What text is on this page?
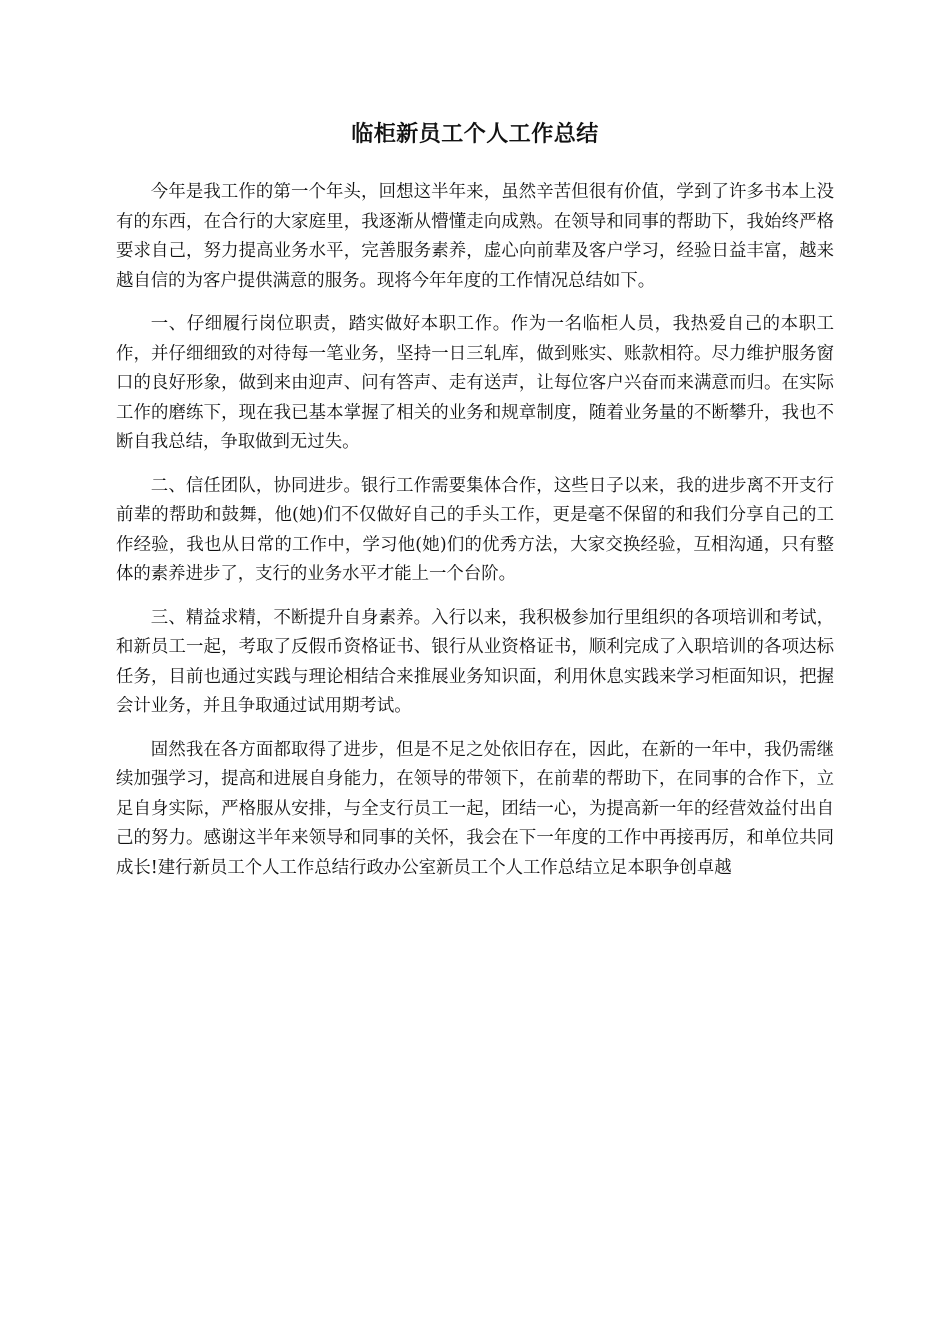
临柜新员工个人工作总结

今年是我工作的第一个年头，回想这半年来，虽然辛苦但很有价值，学到了许多书本上没有的东西，在合行的大家庭里，我逐渐从懵懂走向成熟。在领导和同事的帮助下，我始终严格要求自己，努力提高业务水平，完善服务素养，虚心向前辈及客户学习，经验日益丰富，越来越自信的为客户提供满意的服务。现将今年年度的工作情况总结如下。

一、仔细履行岗位职责，踏实做好本职工作。作为一名临柜人员，我热爱自己的本职工作，并仔细细致的对待每一笔业务，坚持一日三轧库，做到账实、账款相符。尽力维护服务窗口的良好形象，做到来由迎声、问有答声、走有送声，让每位客户兴奋而来满意而归。在实际工作的磨练下，现在我已基本掌握了相关的业务和规章制度，随着业务量的不断攀升，我也不断自我总结，争取做到无过失。

二、信任团队，协同进步。银行工作需要集体合作，这些日子以来，我的进步离不开支行前辈的帮助和鼓舞，他(她)们不仅做好自己的手头工作，更是毫不保留的和我们分享自己的工作经验，我也从日常的工作中，学习他(她)们的优秀方法，大家交换经验，互相沟通，只有整体的素养进步了，支行的业务水平才能上一个台阶。

三、精益求精，不断提升自身素养。入行以来，我积极参加行里组织的各项培训和考试，和新员工一起，考取了反假币资格证书、银行从业资格证书，顺利完成了入职培训的各项达标任务，目前也通过实践与理论相结合来推展业务知识面，利用休息实践来学习柜面知识，把握会计业务，并且争取通过试用期考试。

固然我在各方面都取得了进步，但是不足之处依旧存在，因此，在新的一年中，我仍需继续加强学习，提高和进展自身能力，在领导的带领下，在前辈的帮助下，在同事的合作下，立足自身实际，严格服从安排，与全支行员工一起，团结一心，为提高新一年的经营效益付出自己的努力。感谢这半年来领导和同事的关怀，我会在下一年度的工作中再接再厉，和单位共同成长!建行新员工个人工作总结行政办公室新员工个人工作总结立足本职争创卓越
